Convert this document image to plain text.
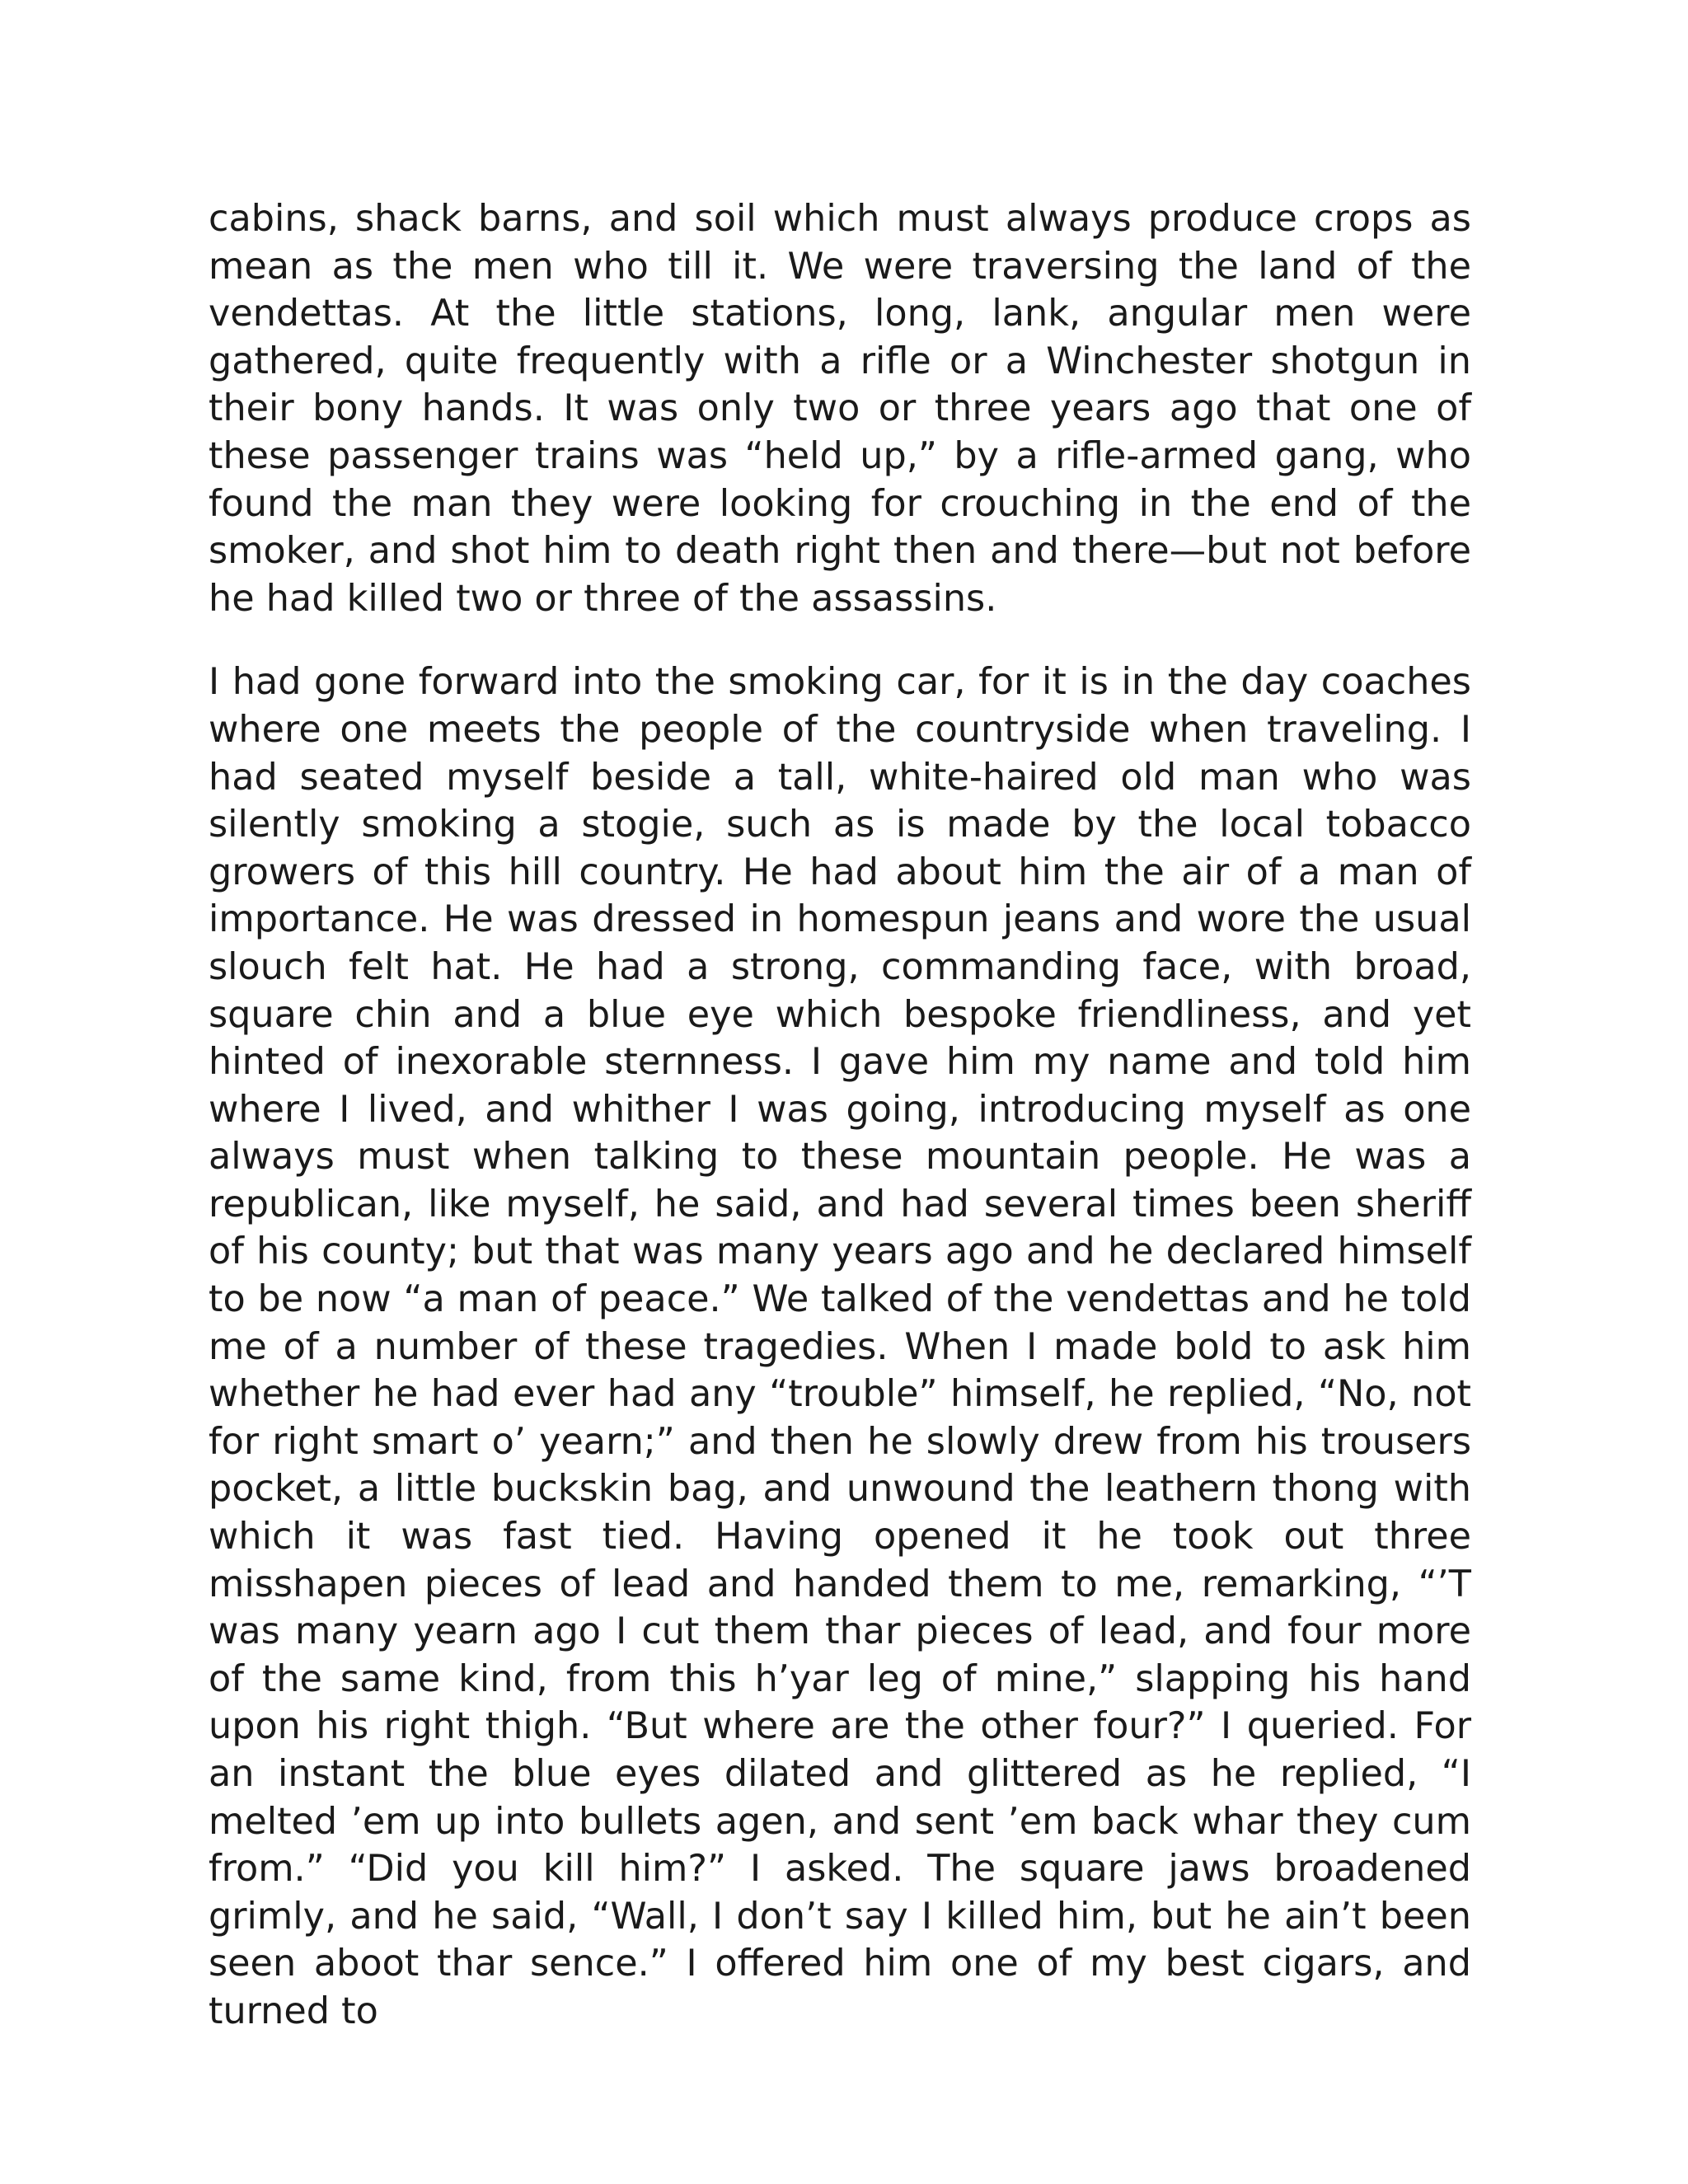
cabins, shack barns, and soil which must always produce crops as mean as the men who till it. We were traversing the land of the vendettas. At the little stations, long, lank, angular men were gathered, quite frequently with a rifle or a Winchester shotgun in their bony hands. It was only two or three years ago that one of these passenger trains was “held up,” by a rifle-armed gang, who found the man they were looking for crouching in the end of the smoker, and shot him to death right then and there—but not before he had killed two or three of the assassins.

I had gone forward into the smoking car, for it is in the day coaches where one meets the people of the countryside when traveling. I had seated myself beside a tall, white-haired old man who was silently smoking a stogie, such as is made by the local tobacco growers of this hill country. He had about him the air of a man of importance. He was dressed in homespun jeans and wore the usual slouch felt hat. He had a strong, commanding face, with broad, square chin and a blue eye which bespoke friendliness, and yet hinted of inexorable sternness. I gave him my name and told him where I lived, and whither I was going, introducing myself as one always must when talking to these mountain people. He was a republican, like myself, he said, and had several times been sheriff of his county; but that was many years ago and he declared himself to be now “a man of peace.” We talked of the vendettas and he told me of a number of these tragedies. When I made bold to ask him whether he had ever had any “trouble” himself, he replied, “No, not for right smart o’ yearn;” and then he slowly drew from his trousers pocket, a little buckskin bag, and unwound the leathern thong with which it was fast tied. Having opened it he took out three misshapen pieces of lead and handed them to me, remarking, “’T was many yearn ago I cut them thar pieces of lead, and four more of the same kind, from this h’yar leg of mine,” slapping his hand upon his right thigh. “But where are the other four?” I queried. For an instant the blue eyes dilated and glittered as he replied, “I melted ’em up into bullets agen, and sent ’em back whar they cum from.” “Did you kill him?” I asked. The square jaws broadened grimly, and he said, “Wall, I don’t say I killed him, but he ain’t been seen aboot thar sence.” I offered him one of my best cigars, and turned to
